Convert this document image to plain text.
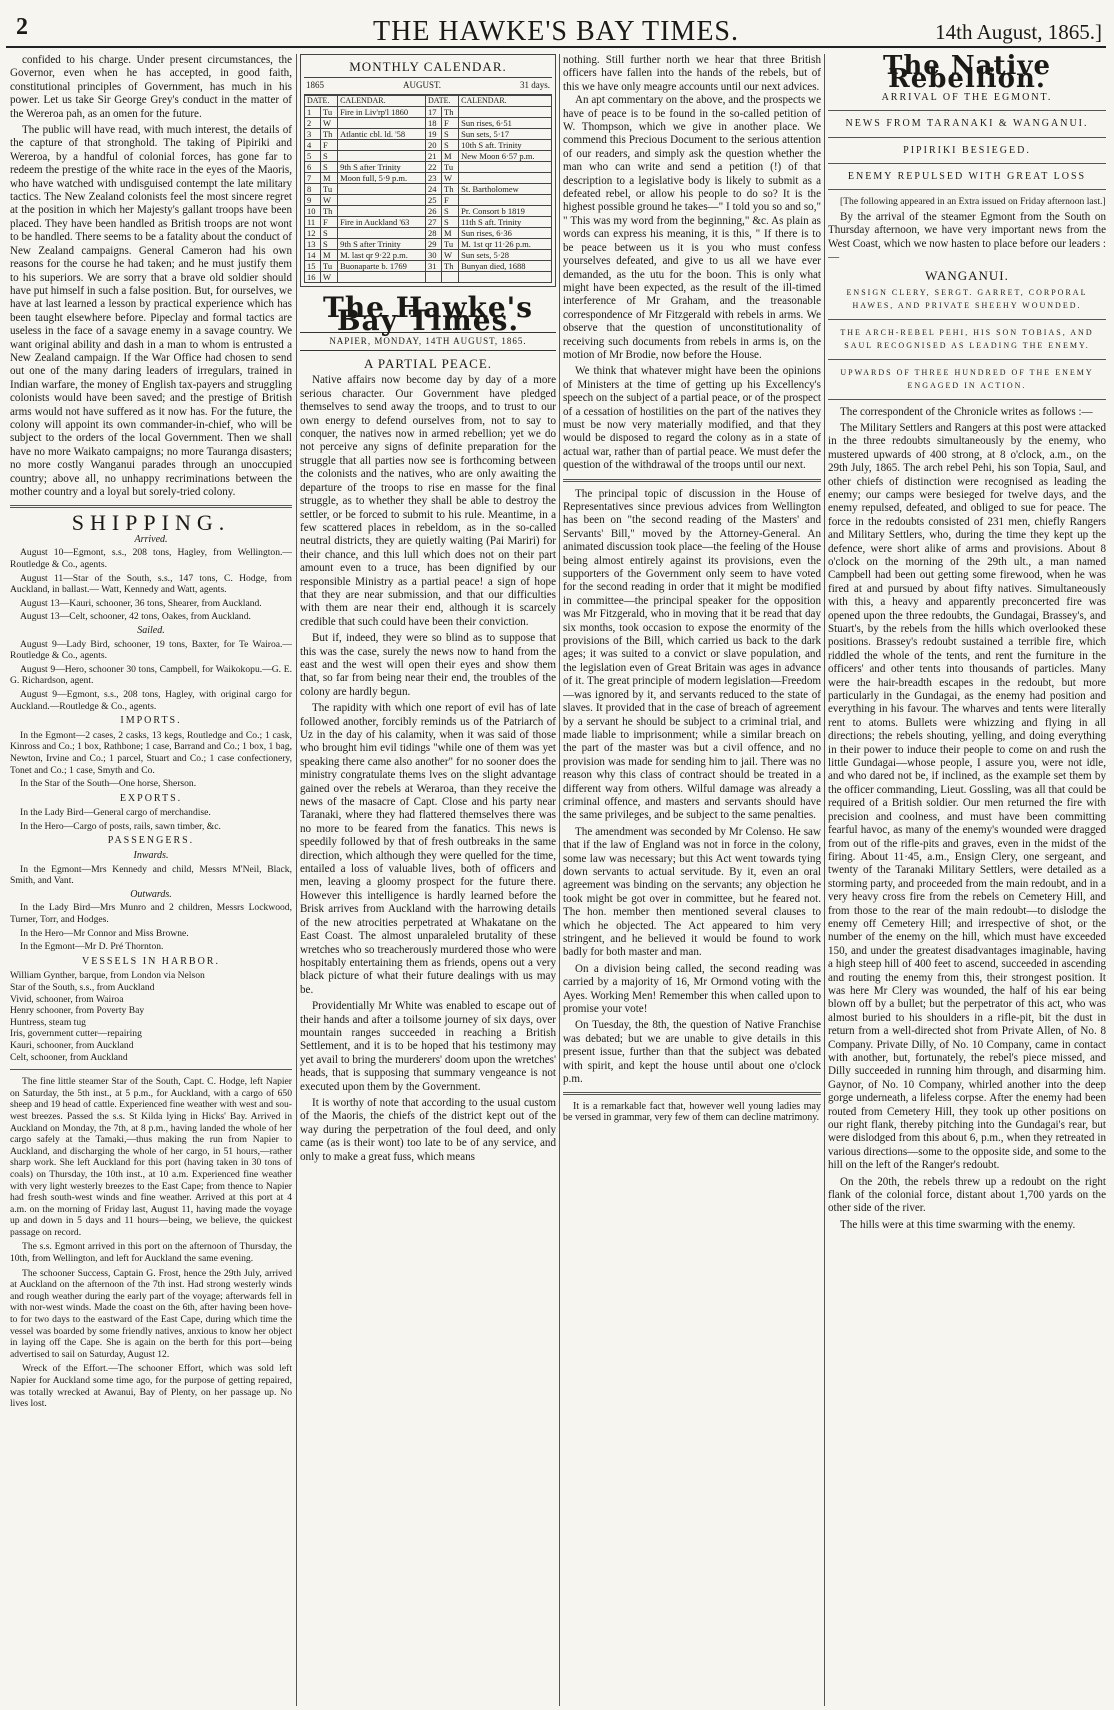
2	THE HAWKE'S BAY TIMES.	14th August, 1865.]

confided to his charge. Under present circumstances, the Governor, even when he has accepted, in good faith, constitutional principles of Government, has much in his power. Let us take Sir George Grey's conduct in the matter of the Wereroa pah, as an omen for the future.

The public will have read, with much interest, the details of the capture of that stronghold. The taking of Pipiriki and Wereroa, by a handful of colonial forces, has gone far to redeem the prestige of the white race in the eyes of the Maoris, who have watched with undisguised contempt the late military tactics. The New Zealand colonists feel the most sincere regret at the position in which her Majesty's gallant troops have been placed. They have been handled as British troops are not wont to be handled. There seems to be a fatality about the conduct of New Zealand campaigns. General Cameron had his own reasons for the course he had taken; and he must justify them to his superiors. We are sorry that a brave old soldier should have put himself in such a false position. But, for ourselves, we have at last learned a lesson by practical experience which has been taught elsewhere before. Pipeclay and formal tactics are useless in the face of a savage enemy in a savage country. We want original ability and dash in a man to whom is entrusted a New Zealand campaign. If the War Office had chosen to send out one of the many daring leaders of irregulars, trained in Indian warfare, the money of English tax-payers and struggling colonists would have been saved; and the prestige of British arms would not have suffered as it now has. For the future, the colony will appoint its own commander-in-chief, who will be subject to the orders of the local Government. Then we shall have no more Waikato campaigns; no more Tauranga disasters; no more costly Wanganui parades through an unoccupied country; above all, no unhappy recriminations between the mother country and a loyal but sorely-tried colony.

SHIPPING.
Arrived.

August 10—Egmont, s.s., 208 tons, Hagley, from Wellington.—Routledge & Co., agents.

August 11—Star of the South, s.s., 147 tons, C. Hodge, from Auckland, in ballast.— Watt, Kennedy and Watt, agents.

August 13—Kauri, schooner, 36 tons, Shearer, from Auckland.

August 13—Celt, schooner, 42 tons, Oakes, from Auckland.

Sailed.

August 9—Lady Bird, schooner, 19 tons, Baxter, for Te Wairoa.—Routledge & Co., agents.

August 9—Hero, schooner 30 tons, Campbell, for Waikokopu.—G. E. G. Richardson, agent.

August 9—Egmont, s.s., 208 tons, Hagley, with original cargo for Auckland.—Routledge & Co., agents.

IMPORTS.

In the Egmont—2 cases, 2 casks, 13 kegs, Routledge and Co.; 1 cask, Kinross and Co.; 1 box, Rathbone; 1 case, Barrand and Co.; 1 box, 1 bag, Newton, Irvine and Co.; 1 parcel, Stuart and Co.; 1 case confectionery, Tonet and Co.; 1 case, Smyth and Co.

In the Star of the South—One horse, Sherson.

EXPORTS.

In the Lady Bird—General cargo of merchandise.

In the Hero—Cargo of posts, rails, sawn timber, &c.

PASSENGERS.
Inwards.

In the Egmont—Mrs Kennedy and child, Messrs M'Neil, Black, Smith, and Vant.

Outwards.

In the Lady Bird—Mrs Munro and 2 children, Messrs Lockwood, Turner, Torr, and Hodges.

In the Hero—Mr Connor and Miss Browne.

In the Egmont—Mr D. Pré Thornton.

VESSELS IN HARBOR.

William Gynther, barque, from London via Nelson

Star of the South, s.s., from Auckland

Vivid, schooner, from Wairoa

Henry schooner, from Poverty Bay

Huntress, steam tug

Iris, government cutter—repairing

Kauri, schooner, from Auckland

Celt, schooner, from Auckland

The fine little steamer Star of the South, Capt. C. Hodge, left Napier on Saturday, the 5th inst., at 5 p.m., for Auckland, with a cargo of 650 sheep and 19 head of cattle. Experienced fine weather with west and sou-west breezes. Passed the s.s. St Kilda lying in Hicks' Bay. Arrived in Auckland on Monday, the 7th, at 8 p.m., having landed the whole of her cargo safely at the Tamaki,—thus making the run from Napier to Auckland, and discharging the whole of her cargo, in 51 hours,—rather sharp work. She left Auckland for this port (having taken in 30 tons of coals) on Thursday, the 10th inst., at 10 a.m. Experienced fine weather with very light westerly breezes to the East Cape; from thence to Napier had fresh south-west winds and fine weather. Arrived at this port at 4 a.m. on the morning of Friday last, August 11, having made the voyage up and down in 5 days and 11 hours—being, we believe, the quickest passage on record.

The s.s. Egmont arrived in this port on the afternoon of Thursday, the 10th, from Wellington, and left for Auckland the same evening.

The schooner Success, Captain G. Frost, hence the 29th July, arrived at Auckland on the afternoon of the 7th inst. Had strong westerly winds and rough weather during the early part of the voyage; afterwards fell in with nor-west winds. Made the coast on the 6th, after having been hove-to for two days to the eastward of the East Cape, during which time the vessel was boarded by some friendly natives, anxious to know her object in laying off the Cape. She is again on the berth for this port—being advertised to sail on Saturday, August 12.

Wreck of the Effort.—The schooner Effort, which was sold left Napier for Auckland some time ago, for the purpose of getting repaired, was totally wrecked at Awanui, Bay of Plenty, on her passage up. No lives lost.

MONTHLY CALENDAR.
1865	AUGUST.	31 days.
DATE.		CALENDAR.	DATE.		CALENDAR.
1	Tu	Fire in Liv'rp'l 1860	17	Th	
2	W		18	F	Sun rises, 6·51
3	Th	Atlantic cbl. ld. '58	19	S	Sun sets, 5·17
4	F		20	S	10th S aft. Trinity
5	S		21	M	New Moon 6·57 p.m.
6	S	9th S after Trinity	22	Tu	
7	M	Moon full, 5·9 p.m.	23	W	
8	Tu		24	Th	St. Bartholomew
9	W		25	F	
10	Th		26	S	Pr. Consort b 1819
11	F	Fire in Auckland '63	27	S	11th S aft. Trinity
12	S		28	M	Sun rises, 6·36
13	S	9th S after Trinity	29	Tu	M. 1st qr 11·26 p.m.
14	M	M. last qr 9·22 p.m.	30	W	Sun sets, 5·28
15	Tu	Buonaparte b. 1769	31	Th	Bunyan died, 1688
16	W				
The Hawke's Bay Times.
NAPIER, MONDAY, 14TH AUGUST, 1865.
A PARTIAL PEACE.

Native affairs now become day by day of a more serious character. Our Government have pledged themselves to send away the troops, and to trust to our own energy to defend ourselves from, not to say to conquer, the natives now in armed rebellion; yet we do not perceive any signs of definite preparation for the struggle that all parties now see is forthcoming between the colonists and the natives, who are only awaiting the departure of the troops to rise en masse for the final struggle, as to whether they shall be able to destroy the settler, or be forced to submit to his rule. Meantime, in a few scattered places in rebeldom, as in the so-called neutral districts, they are quietly waiting (Pai Mariri) for their chance, and this lull which does not on their part amount even to a truce, has been dignified by our responsible Ministry as a partial peace! a sign of hope that they are near submission, and that our difficulties with them are near their end, although it is scarcely credible that such could have been their conviction.

But if, indeed, they were so blind as to suppose that this was the case, surely the news now to hand from the east and the west will open their eyes and show them that, so far from being near their end, the troubles of the colony are hardly begun.

The rapidity with which one report of evil has of late followed another, forcibly reminds us of the Patriarch of Uz in the day of his calamity, when it was said of those who brought him evil tidings "while one of them was yet speaking there came also another" for no sooner does the ministry congratulate thems lves on the slight advantage gained over the rebels at Weraroa, than they receive the news of the masacre of Capt. Close and his party near Taranaki, where they had flattered themselves there was no more to be feared from the fanatics. This news is speedily followed by that of fresh outbreaks in the same direction, which although they were quelled for the time, entailed a loss of valuable lives, both of officers and men, leaving a gloomy prospect for the future there. However this intelligence is hardly learned before the Brisk arrives from Auckland with the harrowing details of the new atrocities perpetrated at Whakatane on the East Coast. The almost unparaleled brutality of these wretches who so treacherously murdered those who were hospitably entertaining them as friends, opens out a very black picture of what their future dealings with us may be.

Providentially Mr White was enabled to escape out of their hands and after a toilsome journey of six days, over mountain ranges succeeded in reaching a British Settlement, and it is to be hoped that his testimony may yet avail to bring the murderers' doom upon the wretches' heads, that is supposing that summary vengeance is not executed upon them by the Government.

It is worthy of note that according to the usual custom of the Maoris, the chiefs of the district kept out of the way during the perpetration of the foul deed, and only came (as is their wont) too late to be of any service, and only to make a great fuss, which means

nothing. Still further north we hear that three British officers have fallen into the hands of the rebels, but of this we have only meagre accounts until our next advices.

An apt commentary on the above, and the prospects we have of peace is to be found in the so-called petition of W. Thompson, which we give in another place. We commend this Precious Document to the serious attention of our readers, and simply ask the question whether the man who can write and send a petition (!) of that description to a legislative body is likely to submit as a defeated rebel, or allow his people to do so? It is the highest possible ground he takes—" I told you so and so," " This was my word from the beginning," &c. As plain as words can express his meaning, it is this, " If there is to be peace between us it is you who must confess yourselves defeated, and give to us all we have ever demanded, as the utu for the boon. This is only what might have been expected, as the result of the ill-timed interference of Mr Graham, and the treasonable correspondence of Mr Fitzgerald with rebels in arms. We observe that the question of unconstitutionality of receiving such documents from rebels in arms is, on the motion of Mr Brodie, now before the House.

We think that whatever might have been the opinions of Ministers at the time of getting up his Excellency's speech on the subject of a partial peace, or of the prospect of a cessation of hostilities on the part of the natives they must be now very materially modified, and that they would be disposed to regard the colony as in a state of actual war, rather than of partial peace. We must defer the question of the withdrawal of the troops until our next.

The principal topic of discussion in the House of Representatives since previous advices from Wellington has been on "the second reading of the Masters' and Servants' Bill," moved by the Attorney-General. An animated discussion took place—the feeling of the House being almost entirely against its provisions, even the supporters of the Government only seem to have voted for the second reading in order that it might be modified in committee—the principal speaker for the opposition was Mr Fitzgerald, who in moving that it be read that day six months, took occasion to expose the enormity of the provisions of the Bill, which carried us back to the dark ages; it was suited to a convict or slave population, and the legislation even of Great Britain was ages in advance of it. The great principle of modern legislation—Freedom—was ignored by it, and servants reduced to the state of slaves. It provided that in the case of breach of agreement by a servant he should be subject to a criminal trial, and made liable to imprisonment; while a similar breach on the part of the master was but a civil offence, and no provision was made for sending him to jail. There was no reason why this class of contract should be treated in a different way from others. Wilful damage was already a criminal offence, and masters and servants should have the same privileges, and be subject to the same penalties.

The amendment was seconded by Mr Colenso. He saw that if the law of England was not in force in the colony, some law was necessary; but this Act went towards tying down servants to actual servitude. By it, even an oral agreement was binding on the servants; any objection he took might be got over in committee, but he feared not. The hon. member then mentioned several clauses to which he objected. The Act appeared to him very stringent, and he believed it would be found to work badly for both master and man.

On a division being called, the second reading was carried by a majority of 16, Mr Ormond voting with the Ayes. Working Men! Remember this when called upon to promise your vote!

On Tuesday, the 8th, the question of Native Franchise was debated; but we are unable to give details in this present issue, further than that the subject was debated with spirit, and kept the house until about one o'clock p.m.

It is a remarkable fact that, however well young ladies may be versed in grammar, very few of them can decline matrimony.

The Native Rebellion.
ARRIVAL OF THE EGMONT.
NEWS FROM TARANAKI & WANGANUI.
PIPIRIKI BESIEGED.
ENEMY REPULSED WITH GREAT LOSS

[The following appeared in an Extra issued on Friday afternoon last.]

By the arrival of the steamer Egmont from the South on Thursday afternoon, we have very important news from the West Coast, which we now hasten to place before our leaders :—

WANGANUI.
ENSIGN CLERY, SERGT. GARRET, CORPORAL HAWES, AND PRIVATE SHEEHY WOUNDED.
THE ARCH-REBEL PEHI, HIS SON TOBIAS, AND SAUL RECOGNISED AS LEADING THE ENEMY.
UPWARDS OF THREE HUNDRED OF THE ENEMY ENGAGED IN ACTION.

The correspondent of the Chronicle writes as follows :—

The Military Settlers and Rangers at this post were attacked in the three redoubts simultaneously by the enemy, who mustered upwards of 400 strong, at 8 o'clock, a.m., on the 29th July, 1865. The arch rebel Pehi, his son Topia, Saul, and other chiefs of distinction were recognised as leading the enemy; our camps were besieged for twelve days, and the enemy repulsed, defeated, and obliged to sue for peace. The force in the redoubts consisted of 231 men, chiefly Rangers and Military Settlers, who, during the time they kept up the defence, were short alike of arms and provisions. About 8 o'clock on the morning of the 29th ult., a man named Campbell had been out getting some firewood, when he was fired at and pursued by about fifty natives. Simultaneously with this, a heavy and apparently preconcerted fire was opened upon the three redoubts, the Gundagai, Brassey's, and Stuart's, by the rebels from the hills which overlooked these positions. Brassey's redoubt sustained a terrible fire, which riddled the whole of the tents, and rent the furniture in the officers' and other tents into thousands of particles. Many were the hair-breadth escapes in the redoubt, but more particularly in the Gundagai, as the enemy had position and everything in his favour. The wharves and tents were literally rent to atoms. Bullets were whizzing and flying in all directions; the rebels shouting, yelling, and doing everything in their power to induce their people to come on and rush the little Gundagai—whose people, I assure you, were not idle, and who dared not be, if inclined, as the example set them by the officer commanding, Lieut. Gossling, was all that could be required of a British soldier. Our men returned the fire with precision and coolness, and must have been committing fearful havoc, as many of the enemy's wounded were dragged from out of the rifle-pits and graves, even in the midst of the firing. About 11·45, a.m., Ensign Clery, one sergeant, and twenty of the Taranaki Military Settlers, were detailed as a storming party, and proceeded from the main redoubt, and in a very heavy cross fire from the rebels on Cemetery Hill, and from those to the rear of the main redoubt—to dislodge the enemy off Cemetery Hill; and irrespective of shot, or the number of the enemy on the hill, which must have exceeded 150, and under the greatest disadvantages imaginable, having a high steep hill of 400 feet to ascend, succeeded in ascending and routing the enemy from this, their strongest position. It was here Mr Clery was wounded, the half of his ear being blown off by a bullet; but the perpetrator of this act, who was almost buried to his shoulders in a rifle-pit, bit the dust in return from a well-directed shot from Private Allen, of No. 8 Company. Private Dilly, of No. 10 Company, came in contact with another, but, fortunately, the rebel's piece missed, and Dilly succeeded in running him through, and disarming him. Gaynor, of No. 10 Company, whirled another into the deep gorge underneath, a lifeless corpse. After the enemy had been routed from Cemetery Hill, they took up other positions on our right flank, thereby pitching into the Gundagai's rear, but were dislodged from this about 6, p.m., when they retreated in various directions—some to the opposite side, and some to the hill on the left of the Ranger's redoubt.

On the 20th, the rebels threw up a redoubt on the right flank of the colonial force, distant about 1,700 yards on the other side of the river.

The hills were at this time swarming with the enemy.
